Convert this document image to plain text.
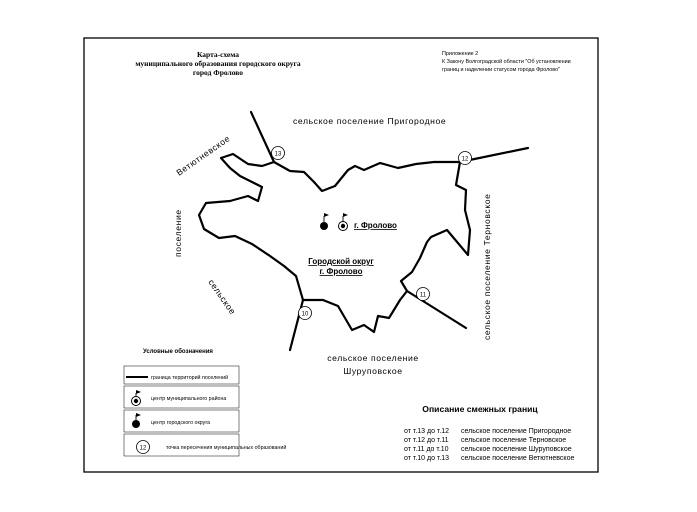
Карта-схема
муниципального образования городского округа
город Фролово
Приложение 2
К Закону Волгоградской области "Об установлении
границ и наделении статусом города Фролово"
13
12
11
10
сельское поселение Пригородное
Ветютневское
поселение
сельское	сельское поселение Терновское
сельское поселение
Шуруповское
г. Фролово
Городской округ
г. Фролово
Условные обозначения
граница территорий поселений
центр муниципального района
центр городского округа
12	точка пересечения муниципальных образований
Описание смежных границ
от т.13 до т.12 сельское поселение Пригородное
от т.12 до т.11 сельское поселение Терновское
от т.11 до т.10 сельское поселение Шуруповское
от т.10 до т.13 сельское поселение Ветютневское
